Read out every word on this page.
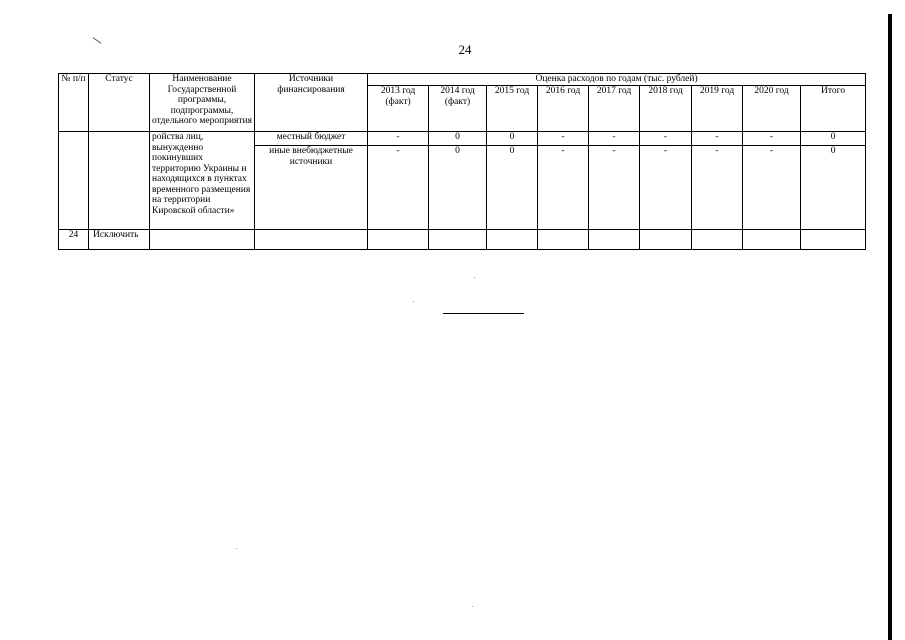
24
№ п/п	Статус	Наименование Государственной программы, подпрограммы, отдельного мероприятия	Источники финансирования	Оценка расходов по годам (тыс. рублей)								
				2013 год (факт)	2014 год (факт)	2015 год	2016 год	2017 год	2018 год	2019 год	2020 год	Итого
		ройства лиц, вынужденно покинувших территорию Украины и находящихся в пунктах временного размещения на территории Кировской области»	местный бюджет	-	0	0	-	-	-	-	-	0
			иные внебюджетные источники	-	0	0	-	-	-	-	-	0
24	Исключить											
